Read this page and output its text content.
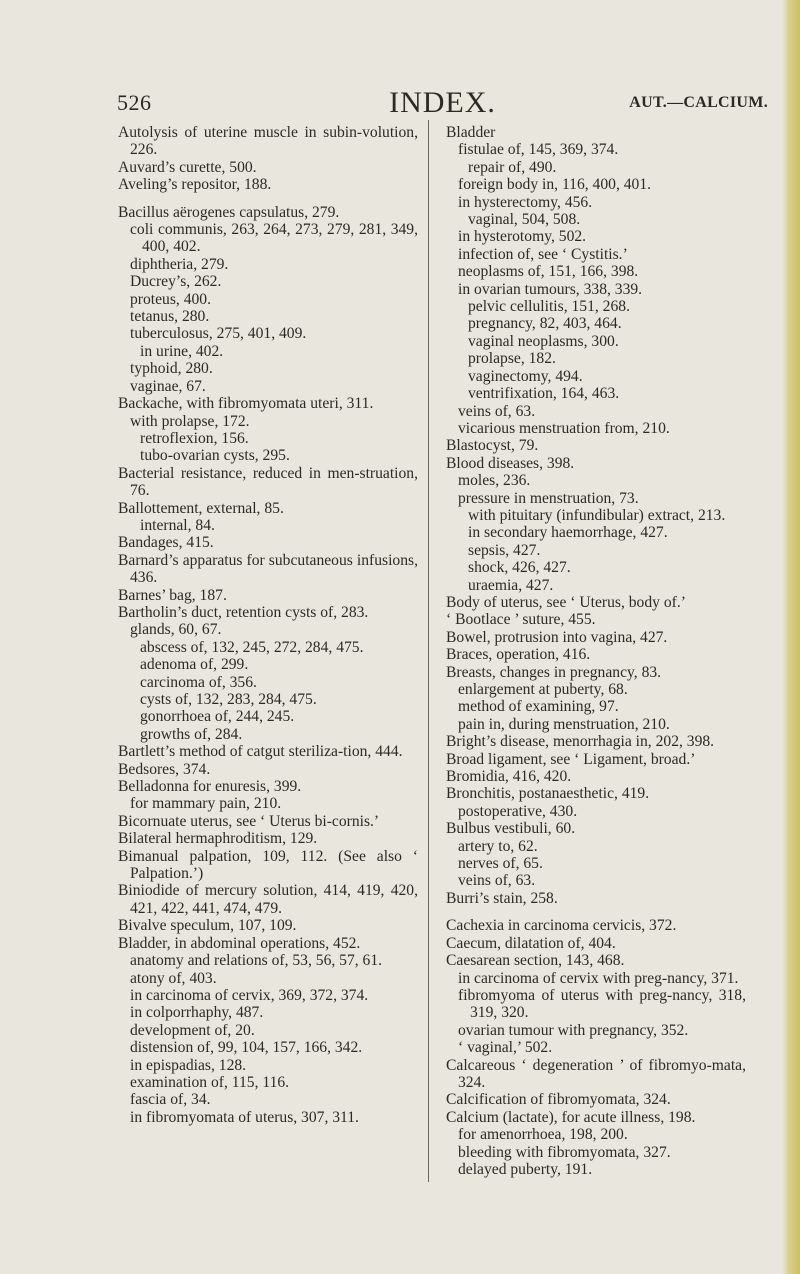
526	INDEX.	AUT.—CALCIUM.
Autolysis of uterine muscle in subin-volution, 226.
Auvard’s curette, 500.
Aveling’s repositor, 188.
Bacillus aërogenes capsulatus, 279.
coli communis, 263, 264, 273, 279, 281, 349, 400, 402.
diphtheria, 279.
Ducrey’s, 262.
proteus, 400.
tetanus, 280.
tuberculosus, 275, 401, 409.
in urine, 402.
typhoid, 280.
vaginae, 67.
Backache, with fibromyomata uteri, 311.
with prolapse, 172.
retroflexion, 156.
tubo-ovarian cysts, 295.
Bacterial resistance, reduced in men-struation, 76.
Ballottement, external, 85.
internal, 84.
Bandages, 415.
Barnard’s apparatus for subcutaneous infusions, 436.
Barnes’ bag, 187.
Bartholin’s duct, retention cysts of, 283.
glands, 60, 67.
abscess of, 132, 245, 272, 284, 475.
adenoma of, 299.
carcinoma of, 356.
cysts of, 132, 283, 284, 475.
gonorrhoea of, 244, 245.
growths of, 284.
Bartlett’s method of catgut steriliza-tion, 444.
Bedsores, 374.
Belladonna for enuresis, 399.
for mammary pain, 210.
Bicornuate uterus, see ‘ Uterus bi-cornis.’
Bilateral hermaphroditism, 129.
Bimanual palpation, 109, 112. (See also ‘ Palpation.’)
Biniodide of mercury solution, 414, 419, 420, 421, 422, 441, 474, 479.
Bivalve speculum, 107, 109.
Bladder, in abdominal operations, 452.
anatomy and relations of, 53, 56, 57, 61.
atony of, 403.
in carcinoma of cervix, 369, 372, 374.
in colporrhaphy, 487.
development of, 20.
distension of, 99, 104, 157, 166, 342.
in epispadias, 128.
examination of, 115, 116.
fascia of, 34.
in fibromyomata of uterus, 307, 311.
Bladder
fistulae of, 145, 369, 374.
repair of, 490.
foreign body in, 116, 400, 401.
in hysterectomy, 456.
vaginal, 504, 508.
in hysterotomy, 502.
infection of, see ‘ Cystitis.’
neoplasms of, 151, 166, 398.
in ovarian tumours, 338, 339.
pelvic cellulitis, 151, 268.
pregnancy, 82, 403, 464.
vaginal neoplasms, 300.
prolapse, 182.
vaginectomy, 494.
ventrifixation, 164, 463.
veins of, 63.
vicarious menstruation from, 210.
Blastocyst, 79.
Blood diseases, 398.
moles, 236.
pressure in menstruation, 73.
with pituitary (infundibular) extract, 213.
in secondary haemorrhage, 427.
sepsis, 427.
shock, 426, 427.
uraemia, 427.
Body of uterus, see ‘ Uterus, body of.’
‘ Bootlace ’ suture, 455.
Bowel, protrusion into vagina, 427.
Braces, operation, 416.
Breasts, changes in pregnancy, 83.
enlargement at puberty, 68.
method of examining, 97.
pain in, during menstruation, 210.
Bright’s disease, menorrhagia in, 202, 398.
Broad ligament, see ‘ Ligament, broad.’
Bromidia, 416, 420.
Bronchitis, postanaesthetic, 419.
postoperative, 430.
Bulbus vestibuli, 60.
artery to, 62.
nerves of, 65.
veins of, 63.
Burri’s stain, 258.
Cachexia in carcinoma cervicis, 372.
Caecum, dilatation of, 404.
Caesarean section, 143, 468.
in carcinoma of cervix with preg-nancy, 371.
fibromyoma of uterus with preg-nancy, 318, 319, 320.
ovarian tumour with pregnancy, 352.
‘ vaginal,’ 502.
Calcareous ‘ degeneration ’ of fibromyo-mata, 324.
Calcification of fibromyomata, 324.
Calcium (lactate), for acute illness, 198.
for amenorrhoea, 198, 200.
bleeding with fibromyomata, 327.
delayed puberty, 191.
